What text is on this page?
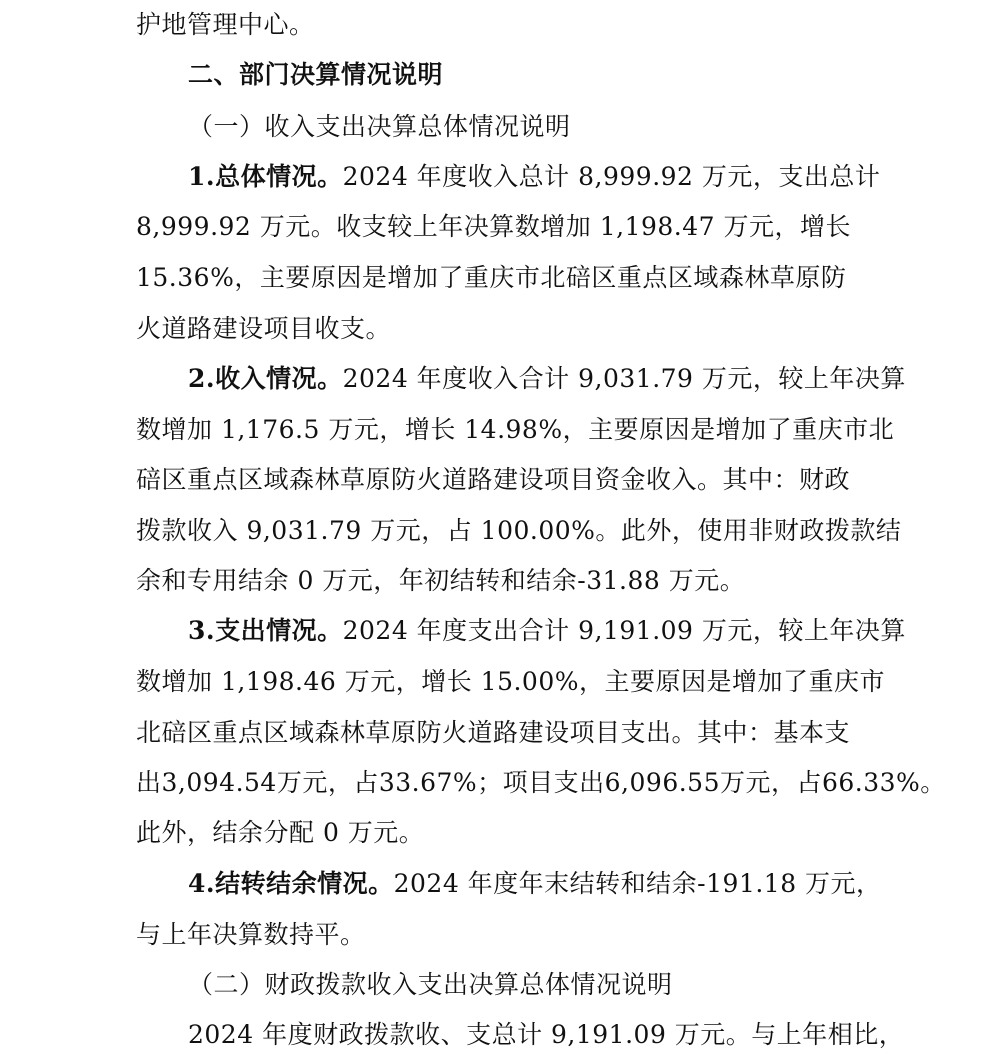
护地管理中心。
二、部门决算情况说明
（一）收入支出决算总体情况说明
1.总体情况。2024 年度收入总计 8,999.92 万元，支出总计
8,999.92 万元。收支较上年决算数增加 1,198.47 万元，增长
15.36%，主要原因是增加了重庆市北碚区重点区域森林草原防
火道路建设项目收支。
2.收入情况。2024 年度收入合计 9,031.79 万元，较上年决算
数增加 1,176.5 万元，增长 14.98%，主要原因是增加了重庆市北
碚区重点区域森林草原防火道路建设项目资金收入。其中：财政
拨款收入 9,031.79 万元，占 100.00%。此外，使用非财政拨款结
余和专用结余 0 万元，年初结转和结余-31.88 万元。
3.支出情况。2024 年度支出合计 9,191.09 万元，较上年决算
数增加 1,198.46 万元，增长 15.00%，主要原因是增加了重庆市
北碚区重点区域森林草原防火道路建设项目支出。其中：基本支
出3,094.54万元，占33.67%；项目支出6,096.55万元，占66.33%。
此外，结余分配 0 万元。
4.结转结余情况。2024 年度年末结转和结余-191.18 万元，
与上年决算数持平。
（二）财政拨款收入支出决算总体情况说明
2024 年度财政拨款收、支总计 9,191.09 万元。与上年相比，
